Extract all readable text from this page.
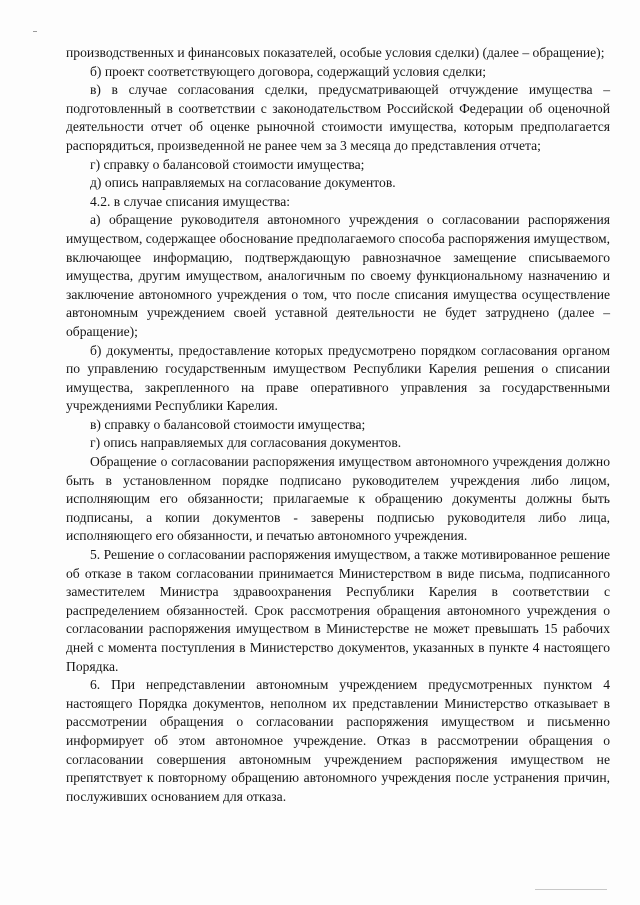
производственных и финансовых показателей, особые условия сделки) (далее – обращение);

б) проект соответствующего договора, содержащий условия сделки;

в) в случае согласования сделки, предусматривающей отчуждение имущества – подготовленный в соответствии с законодательством Российской Федерации об оценочной деятельности отчет об оценке рыночной стоимости имущества, которым предполагается распорядиться, произведенной не ранее чем за 3 месяца до представления отчета;

г) справку о балансовой стоимости имущества;

д) опись направляемых на согласование документов.

4.2. в случае списания имущества:

а) обращение руководителя автономного учреждения о согласовании распоряжения имуществом, содержащее обоснование предполагаемого способа распоряжения имуществом, включающее информацию, подтверждающую равнозначное замещение списываемого имущества, другим имуществом, аналогичным по своему функциональному назначению и заключение автономного учреждения о том, что после списания имущества осуществление автономным учреждением своей уставной деятельности не будет затруднено (далее – обращение);

б) документы, предоставление которых предусмотрено порядком согласования органом по управлению государственным имуществом Республики Карелия решения о списании имущества, закрепленного на праве оперативного управления за государственными учреждениями Республики Карелия.

в) справку о балансовой стоимости имущества;

г) опись направляемых для согласования документов.

Обращение о согласовании распоряжения имуществом автономного учреждения должно быть в установленном порядке подписано руководителем учреждения либо лицом, исполняющим его обязанности; прилагаемые к обращению документы должны быть подписаны, а копии документов - заверены подписью руководителя либо лица, исполняющего его обязанности, и печатью автономного учреждения.

5. Решение о согласовании распоряжения имуществом, а также мотивированное решение об отказе в таком согласовании принимается Министерством в виде письма, подписанного заместителем Министра здравоохранения Республики Карелия в соответствии с распределением обязанностей. Срок рассмотрения обращения автономного учреждения о согласовании распоряжения имуществом в Министерстве не может превышать 15 рабочих дней с момента поступления в Министерство документов, указанных в пункте 4 настоящего Порядка.

6. При непредставлении автономным учреждением предусмотренных пунктом 4 настоящего Порядка документов, неполном их представлении Министерство отказывает в рассмотрении обращения о согласовании распоряжения имуществом и письменно информирует об этом автономное учреждение. Отказ в рассмотрении обращения о согласовании совершения автономным учреждением распоряжения имуществом не препятствует к повторному обращению автономного учреждения после устранения причин, послуживших основанием для отказа.
